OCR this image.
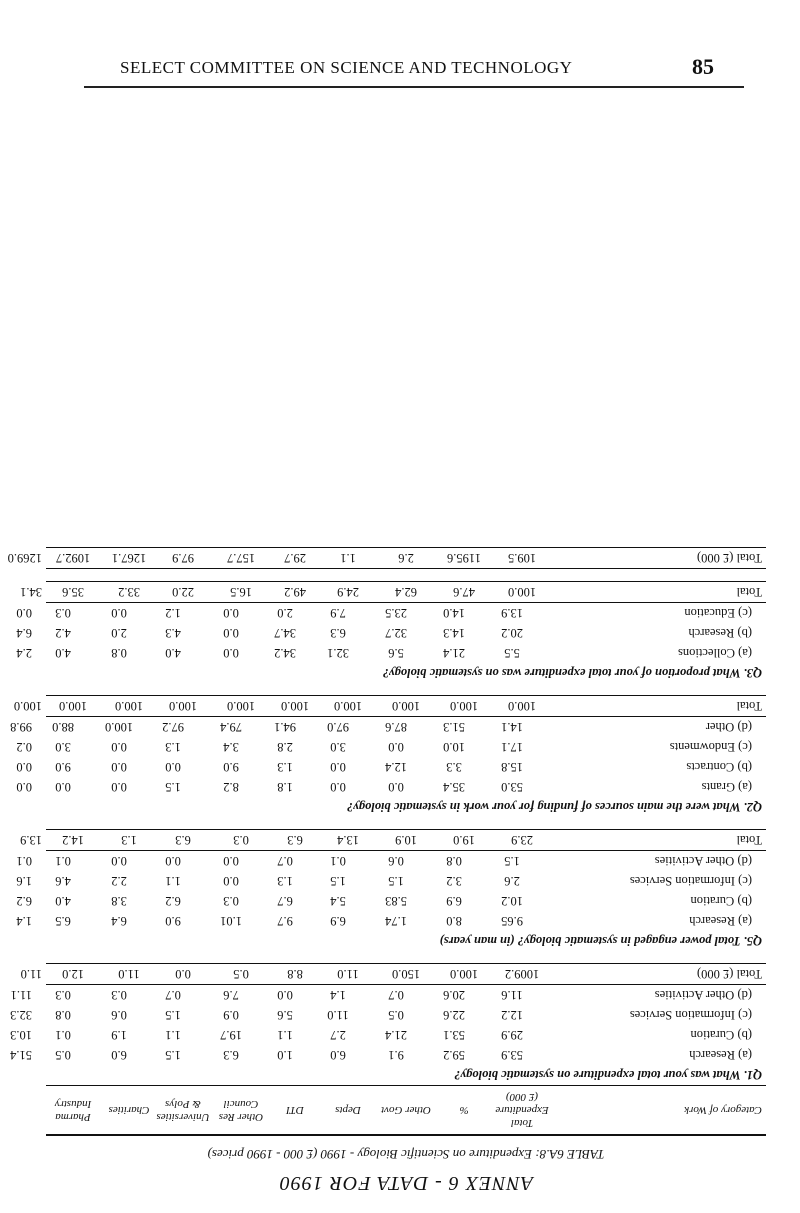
SELECT COMMITTEE ON SCIENCE AND TECHNOLOGY	85
ANNEX 6 - DATA FOR 1990
TABLE 6A.8: Expenditure on Scientific Biology - 1990 (£ 000 - 1990 prices)
Category of Work
Total Expenditure (£ 000)
%
Other Govt
Depts
DTI
Other Res Council
Universities & Polys
Charities
Pharma Industry
Q1. What was your total expenditure on systematic biology?
(a) Research
53.9
59.2
9.1
6.0
1.0
6.3
1.5
6.0
0.5
51.4
(b) Curation
29.9
53.1
21.4
2.7
1.1
19.7
1.1
1.9
0.1
10.3
(c) Information Services
12.2
22.6
0.5
11.0
5.6
0.9
1.5
0.6
0.8
32.3
(d) Other Activities
11.6
20.6
0.7
1.4
0.0
7.6
0.7
0.3
0.3
11.1
Total (£ 000)
1009.2
100.0
150.0
11.0
8.8
0.5
0.0
11.0
12.0
11.0
Q5. Total power engaged in systematic biology? (in man years)
(a) Research
9.65
8.0
1.74
6.9
9.7
1.01
9.0
6.4
6.5
1.4
(b) Curation
10.2
6.9
5.83
5.4
6.7
0.3
6.2
3.8
4.0
6.2
(c) Information Services
2.6
3.2
1.5
1.5
1.3
0.0
1.1
2.2
4.6
1.6
(d) Other Activities
1.5
0.8
0.6
0.1
0.7
0.0
0.0
0.0
0.1
0.1
Total
23.9
19.0
10.9
13.4
6.3
0.3
6.3
1.3
14.2
13.9
Q2. What were the main sources of funding for your work in systematic biology?
(a) Grants
53.0
35.4
0.0
0.0
1.8
8.2
1.5
0.0
0.0
0.0
(b) Contracts
15.8
3.3
12.4
0.0
1.3
9.0
0.0
0.0
9.0
0.0
(c) Endowments
17.1
10.0
0.0
3.0
2.8
3.4
1.3
0.0
3.0
0.2
(d) Other
14.1
51.3
87.6
97.0
94.1
79.4
97.2
100.0
88.0
99.8
Total
100.0
100.0
100.0
100.0
100.0
100.0
100.0
100.0
100.0
100.0
Q3. What proportion of your total expenditure was on systematic biology?
(a) Collections
5.5
21.4
5.6
32.1
34.2
0.0
4.0
0.8
4.0
2.4
(b) Research
20.2
14.3
32.7
6.3
34.7
0.0
4.3
2.0
4.2
6.4
(c) Education
13.9
14.0
23.5
7.9
2.0
0.0
1.2
0.0
0.3
0.0
Total
100.0
47.6
62.4
24.9
49.2
16.5
22.0
33.2
35.6
34.1
Total (£ 000)
109.5
1195.6
2.6
1.1
29.7
157.7
97.9
1267.1
1092.7
1269.0
